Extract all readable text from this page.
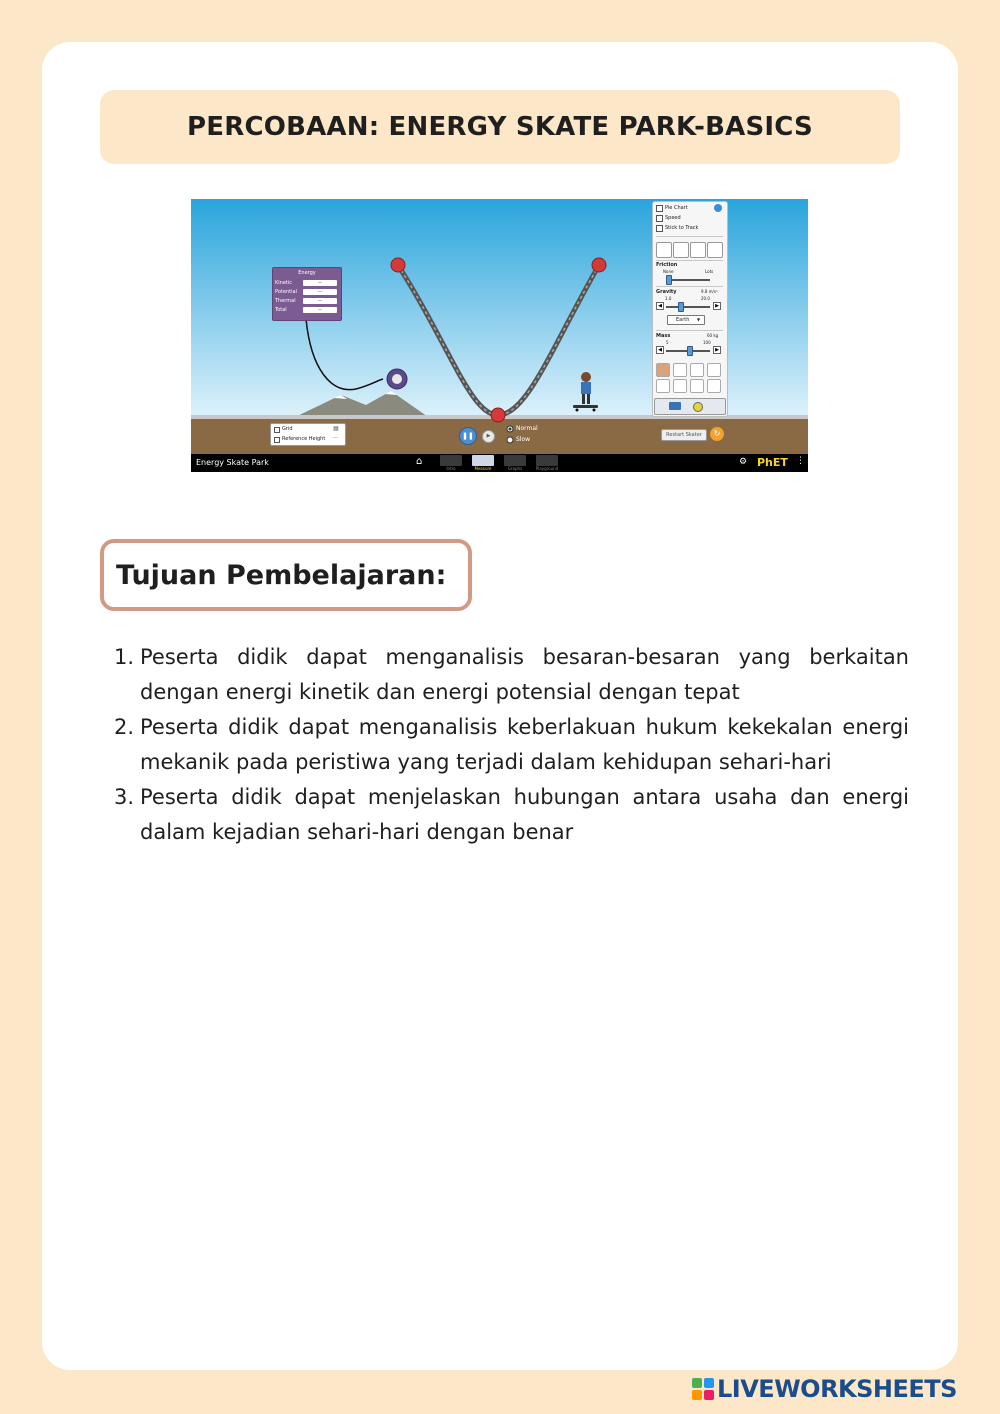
PERCOBAAN: ENERGY SKATE PARK-BASICS
Energy
Kinetic	—
Potential	—
Thermal	—
Total	—
Pie Chart
Speed
Stick to Track
Friction
None	Lots
Gravity	9.8 m/s²
1.0	20.0
◀	▶
Earth ▼
Mass	60 kg
5	100
◀	▶
Grid	▦
Reference Height ---	❚❚	▶
Normal
Slow
Restart Skater	↻
Energy Skate Park	⌂
Intro	Measure	Graphs	Playground
⚙ PhET ⋮
Tujuan Pembelajaran:
1. Peserta didik dapat menganalisis besaran-besaran yang berkaitan dengan energi kinetik dan energi potensial dengan tepat
2. Peserta didik dapat menganalisis keberlakuan hukum kekekalan energi mekanik pada peristiwa yang terjadi dalam kehidupan sehari-hari
3. Peserta didik dapat menjelaskan hubungan antara usaha dan energi dalam kejadian sehari-hari dengan benar
LIVEWORKSHEETS
